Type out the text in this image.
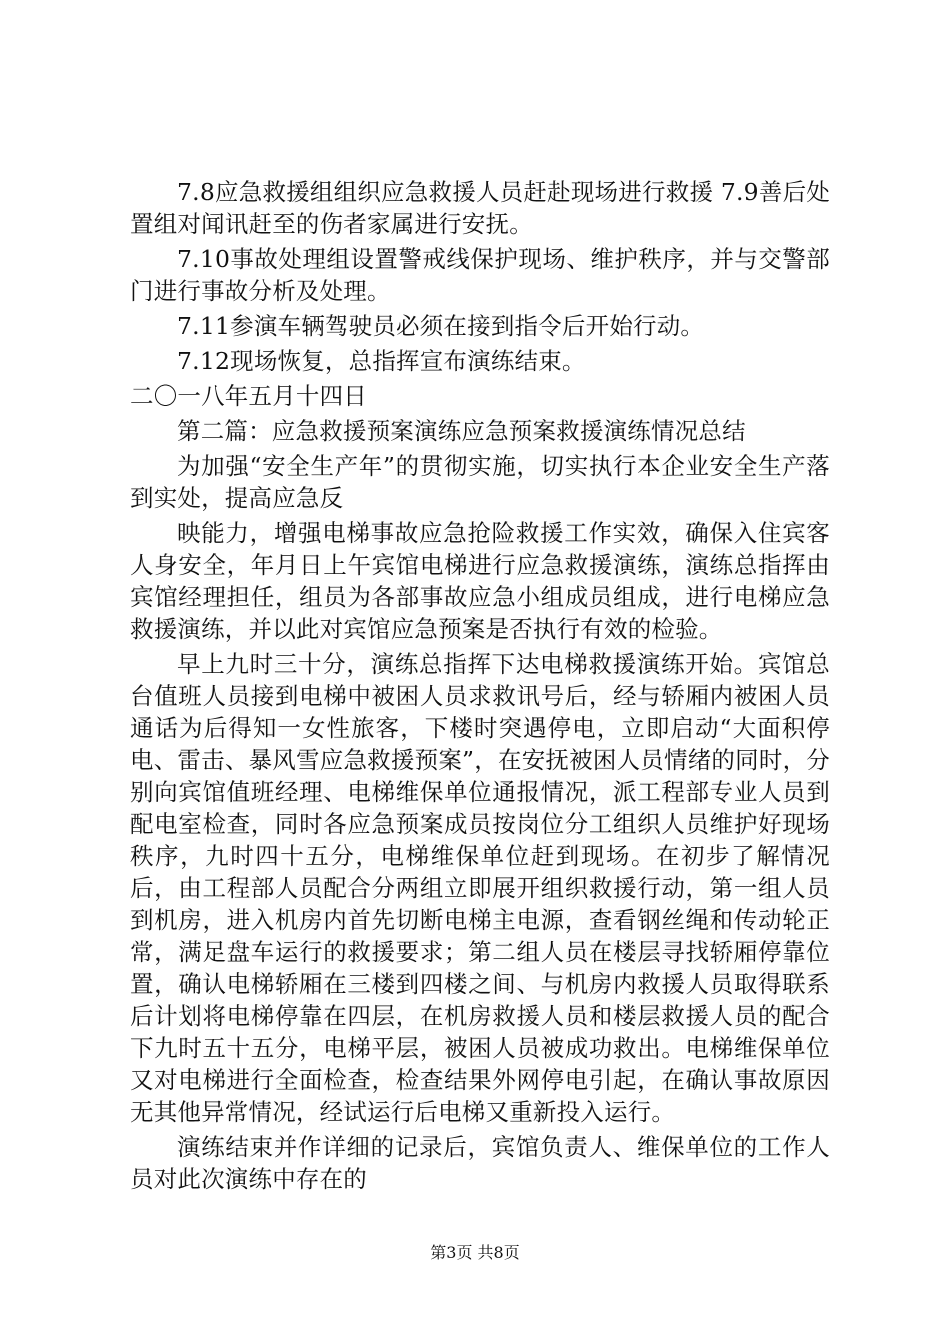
7.8应急救援组组织应急救援人员赶赴现场进行救援 7.9善后处置组对闻讯赶至的伤者家属进行安抚。

7.10事故处理组设置警戒线保护现场、维护秩序，并与交警部门进行事故分析及处理。

7.11参演车辆驾驶员必须在接到指令后开始行动。

7.12现场恢复，总指挥宣布演练结束。

二〇一八年五月十四日

第二篇：应急救援预案演练应急预案救援演练情况总结

为加强“安全生产年”的贯彻实施，切实执行本企业安全生产落到实处，提高应急反

映能力，增强电梯事故应急抢险救援工作实效，确保入住宾客人身安全，年月日上午宾馆电梯进行应急救援演练，演练总指挥由宾馆经理担任，组员为各部事故应急小组成员组成，进行电梯应急救援演练，并以此对宾馆应急预案是否执行有效的检验。

早上九时三十分，演练总指挥下达电梯救援演练开始。宾馆总台值班人员接到电梯中被困人员求救讯号后，经与轿厢内被困人员通话为后得知一女性旅客，下楼时突遇停电，立即启动“大面积停电、雷击、暴风雪应急救援预案”，在安抚被困人员情绪的同时，分别向宾馆值班经理、电梯维保单位通报情况，派工程部专业人员到配电室检查，同时各应急预案成员按岗位分工组织人员维护好现场秩序，九时四十五分，电梯维保单位赶到现场。在初步了解情况后，由工程部人员配合分两组立即展开组织救援行动，第一组人员到机房，进入机房内首先切断电梯主电源，查看钢丝绳和传动轮正常，满足盘车运行的救援要求；第二组人员在楼层寻找轿厢停靠位置，确认电梯轿厢在三楼到四楼之间、与机房内救援人员取得联系后计划将电梯停靠在四层，在机房救援人员和楼层救援人员的配合下九时五十五分，电梯平层，被困人员被成功救出。电梯维保单位又对电梯进行全面检查，检查结果外网停电引起，在确认事故原因无其他异常情况，经试运行后电梯又重新投入运行。

演练结束并作详细的记录后，宾馆负责人、维保单位的工作人员对此次演练中存在的

第3页 共8页
